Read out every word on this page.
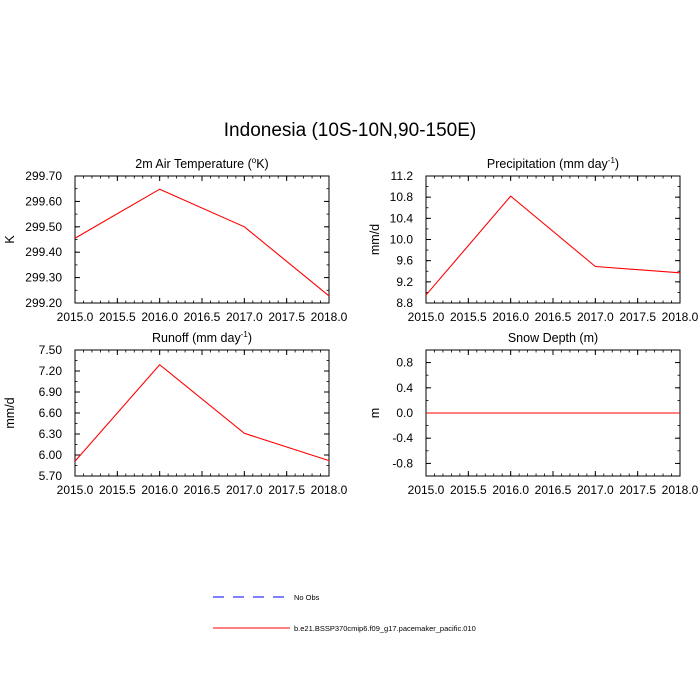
Indonesia (10S-10N,90-150E)
2015.0 2015.5 2016.0 2016.5 2017.0 2017.5 2018.0
299.20
299.30
299.40
299.50
299.60
299.70
2m Air Temperature ($^o$K)
K
2015.0 2015.5 2016.0 2016.5 2017.0 2017.5 2018.0
8.8
9.2
9.6
10.0
10.4
10.8
11.2
Precipitation (mm day$^{-1}$)
mm/d
2015.0 2015.5 2016.0 2016.5 2017.0 2017.5 2018.0
5.70
6.00
6.30
6.60
6.90
7.20
7.50
Runoff (mm day$^{-1}$)
mm/d
2015.0 2015.5 2016.0 2016.5 2017.0 2017.5 2018.0
-0.8
-0.4
0.0
0.4
0.8
Snow Depth (m)
m
No Obs
b.e21.BSSP370cmip6.f09_g17.pacemaker_pacific.010
